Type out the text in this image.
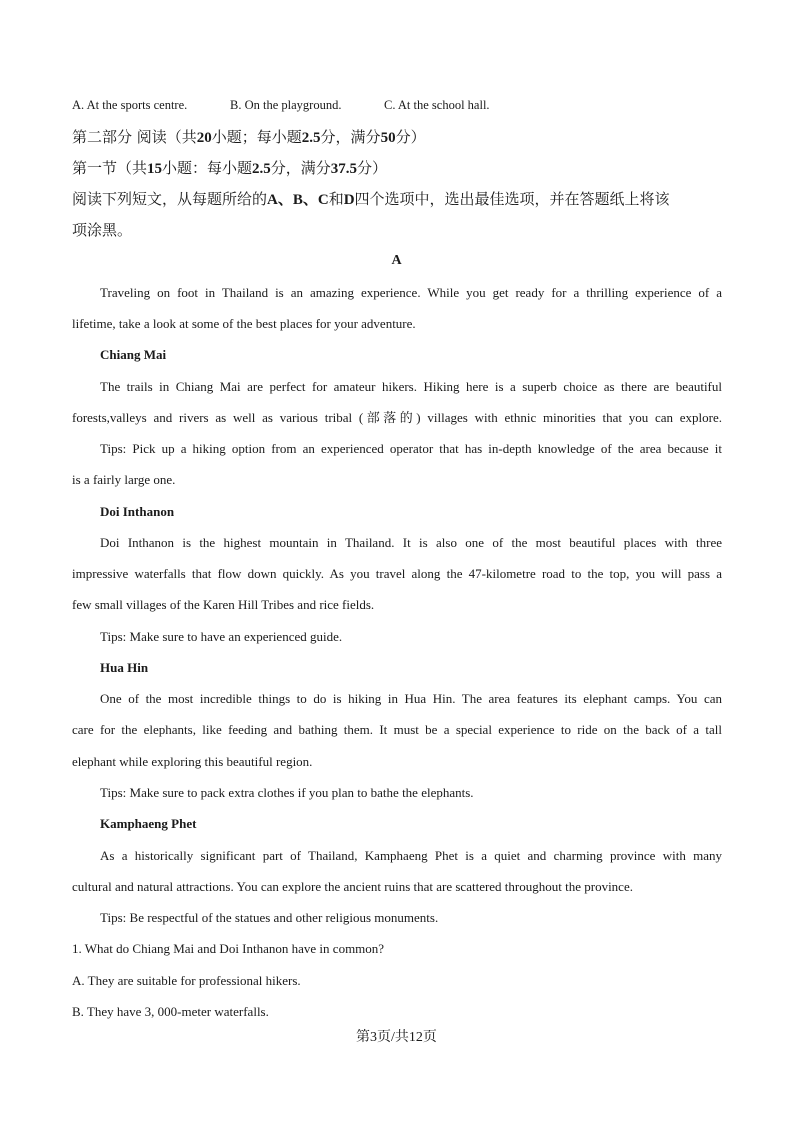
A. At the sports centre.	B. On the playground.	C. At the school hall.
第二部分 阅读（共20小题；每小题2.5分，满分50分）
第一节（共15小题：每小题2.5分，满分37.5分）
阅读下列短文，从每题所给的A、B、C和D四个选项中，选出最佳选项，并在答题纸上将该
项涂黑。
A
Traveling on foot in Thailand is an amazing experience. While you get ready for a thrilling experience of a
lifetime, take a look at some of the best places for your adventure.
Chiang Mai
The trails in Chiang Mai are perfect for amateur hikers. Hiking here is a superb choice as there are beautiful
forests,valleys and rivers as well as various tribal (部落的) villages with ethnic minorities that you can explore.
Tips: Pick up a hiking option from an experienced operator that has in-depth knowledge of the area because it
is a fairly large one.
Doi Inthanon
Doi Inthanon is the highest mountain in Thailand. It is also one of the most beautiful places with three
impressive waterfalls that flow down quickly. As you travel along the 47-kilometre road to the top, you will pass a
few small villages of the Karen Hill Tribes and rice fields.
Tips: Make sure to have an experienced guide.
Hua Hin
One of the most incredible things to do is hiking in Hua Hin. The area features its elephant camps. You can
care for the elephants, like feeding and bathing them. It must be a special experience to ride on the back of a tall
elephant while exploring this beautiful region.
Tips: Make sure to pack extra clothes if you plan to bathe the elephants.
Kamphaeng Phet
As a historically significant part of Thailand, Kamphaeng Phet is a quiet and charming province with many
cultural and natural attractions. You can explore the ancient ruins that are scattered throughout the province.
Tips: Be respectful of the statues and other religious monuments.
1. What do Chiang Mai and Doi Inthanon have in common?
A. They are suitable for professional hikers.
B. They have 3, 000-meter waterfalls.
第3页/共12页
